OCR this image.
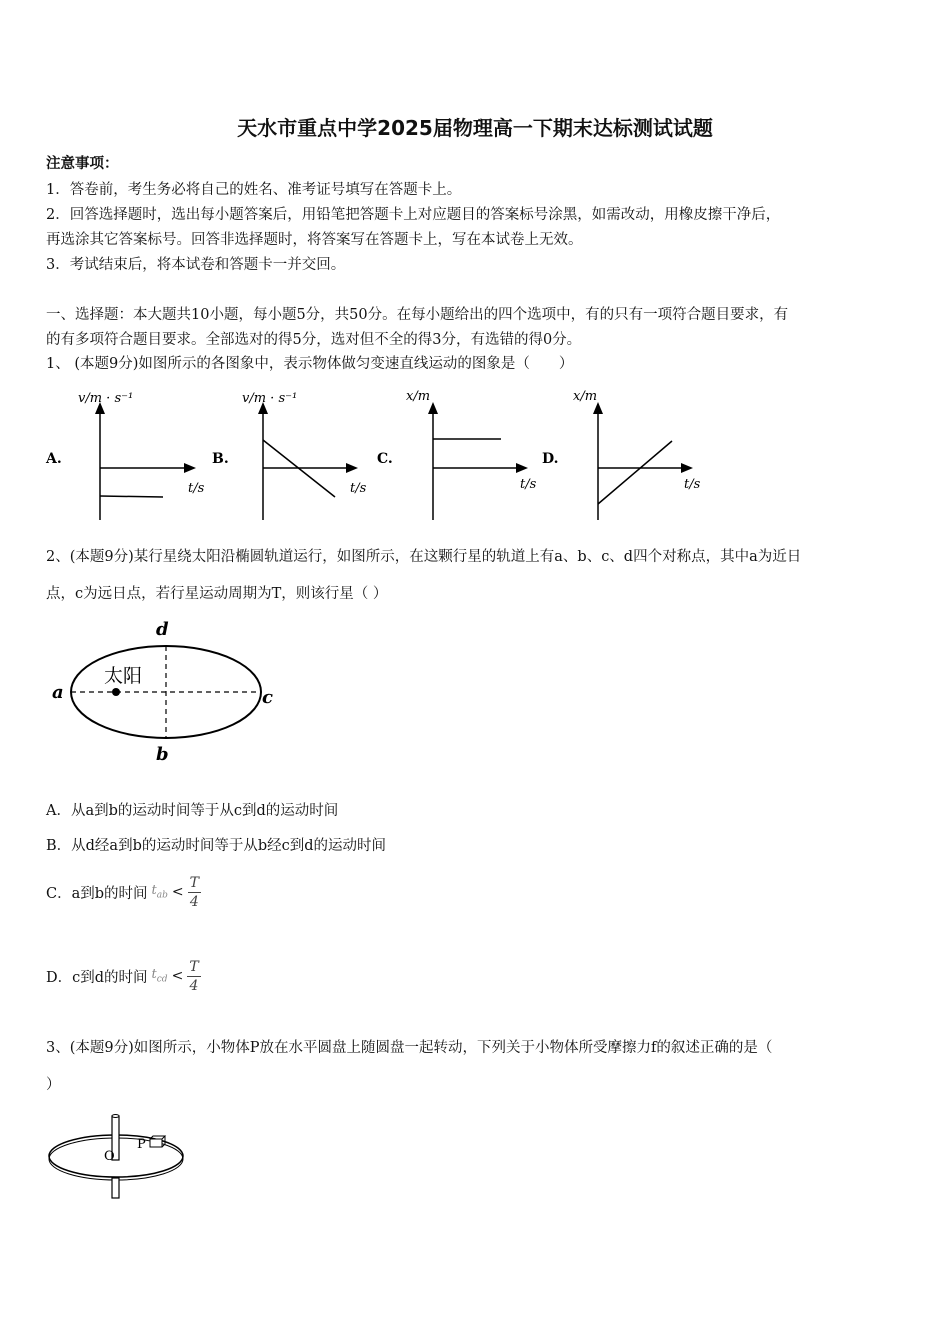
天水市重点中学2025届物理高一下期末达标测试试题
注意事项：
1．答卷前，考生务必将自己的姓名、准考证号填写在答题卡上。
2．回答选择题时，选出每小题答案后，用铅笔把答题卡上对应题目的答案标号涂黑，如需改动，用橡皮擦干净后，
再选涂其它答案标号。回答非选择题时，将答案写在答题卡上，写在本试卷上无效。
3．考试结束后，将本试卷和答题卡一并交回。
一、选择题：本大题共10小题，每小题5分，共50分。在每小题给出的四个选项中，有的只有一项符合题目要求，有
的有多项符合题目要求。全部选对的得5分，选对但不全的得3分，有选错的得0分。
1、 (本题9分)如图所示的各图象中，表示物体做匀变速直线运动的图象是（　　）
A.
v/m · s⁻¹
t/s
B.
v/m · s⁻¹
t/s
C.
x/m
t/s
D.
x/m
t/s
2、(本题9分)某行星绕太阳沿椭圆轨道运行，如图所示，在这颗行星的轨道上有a、b、c、d四个对称点，其中a为近日
点，c为远日点，若行星运动周期为T，则该行星（ ）
太阳
a	c
d
b
A．从a到b的运动时间等于从c到d的运动时间
B．从d经a到b的运动时间等于从b经c到d的运动时间
C．a到b的时间 $t_{ab} < \frac{T}{4}$
D．c到d的时间 $t_{cd} < \frac{T}{4}$
3、(本题9分)如图所示，小物体P放在水平圆盘上随圆盘一起转动，下列关于小物体所受摩擦力f的叙述正确的是（
）
O
P
